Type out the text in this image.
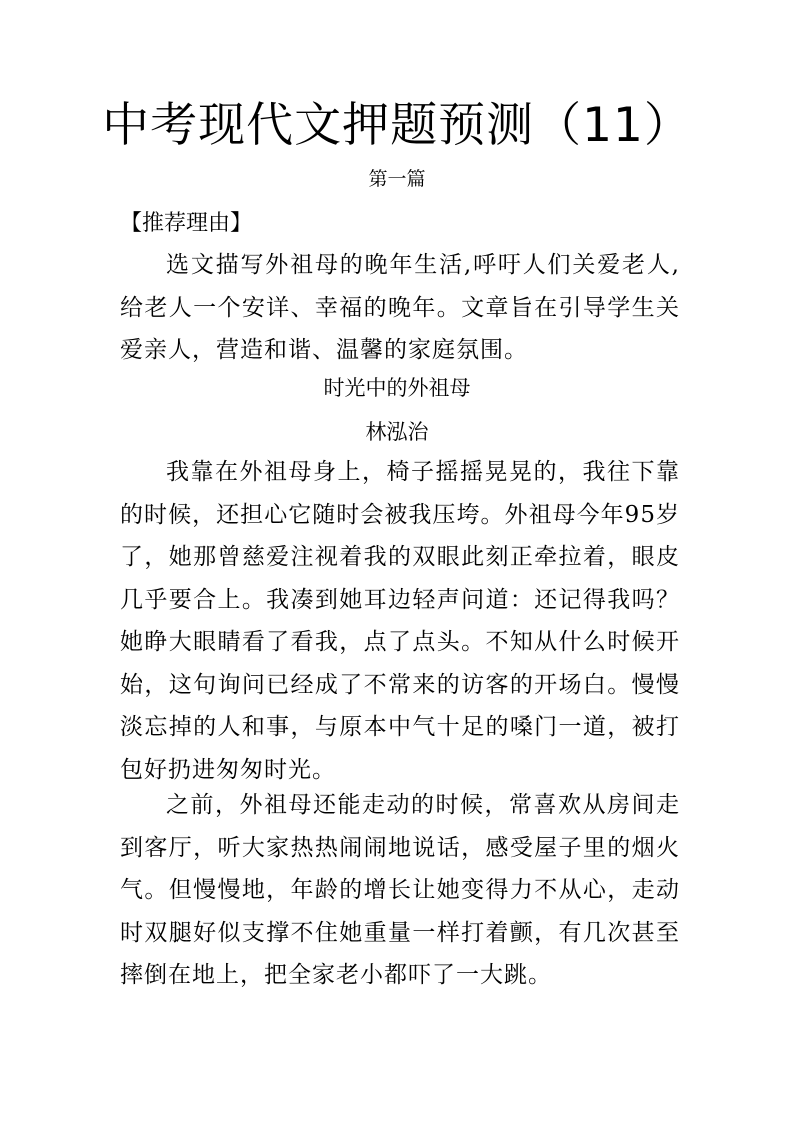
中考现代文押题预测（11）
第一篇
【推荐理由】
选文描写外祖母的晚年生活,呼吁人们关爱老人,给老人一个安详、幸福的晚年。文章旨在引导学生关爱亲人，营造和谐、温馨的家庭氛围。
时光中的外祖母
林泓治
我靠在外祖母身上，椅子摇摇晃晃的，我往下靠的时候，还担心它随时会被我压垮。外祖母今年95岁了，她那曾慈爱注视着我的双眼此刻正牵拉着，眼皮几乎要合上。我凑到她耳边轻声问道：还记得我吗？她睁大眼睛看了看我，点了点头。不知从什么时候开始，这句询问已经成了不常来的访客的开场白。慢慢淡忘掉的人和事，与原本中气十足的嗓门一道，被打包好扔进匆匆时光。
之前，外祖母还能走动的时候，常喜欢从房间走到客厅，听大家热热闹闹地说话，感受屋子里的烟火气。但慢慢地，年龄的增长让她变得力不从心，走动时双腿好似支撑不住她重量一样打着颤，有几次甚至摔倒在地上，把全家老小都吓了一大跳。
